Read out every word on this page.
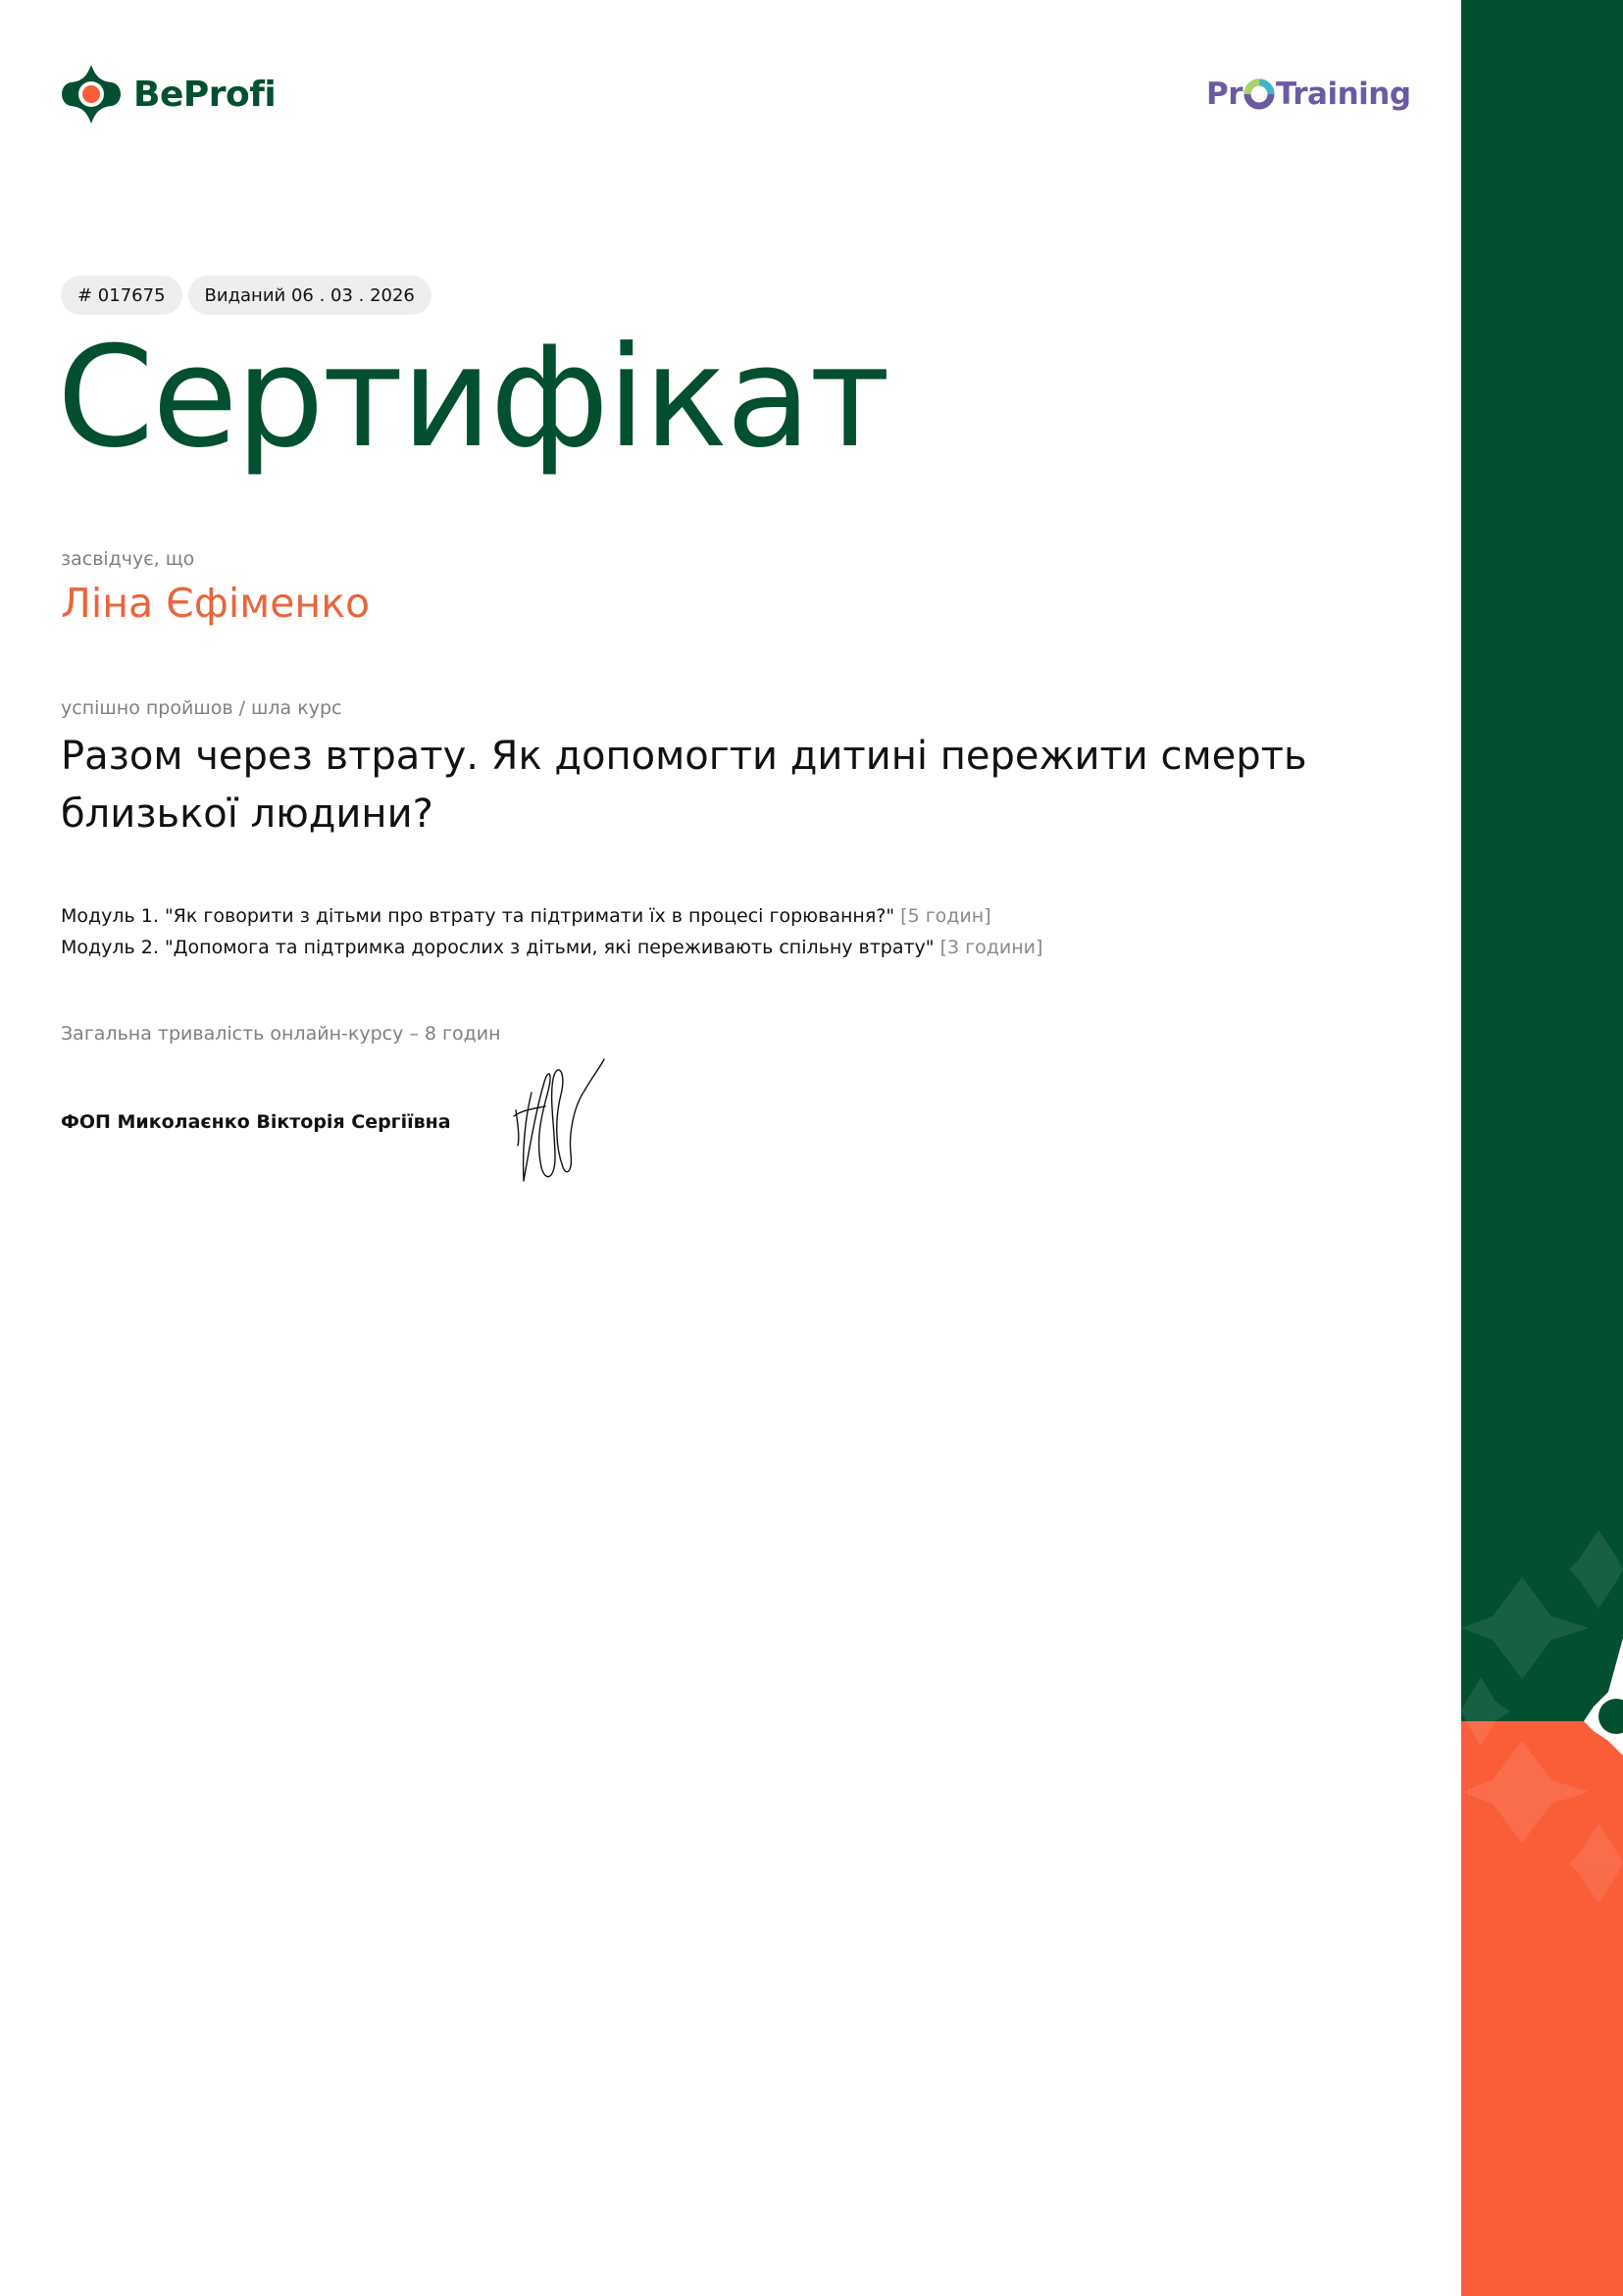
BeProfi	Pr Training
# 017675	Виданий 06 . 03 . 2026
Сертифікат
засвідчує, що
Ліна Єфіменко
успішно пройшов / шла курс
Разом через втрату. Як допомогти дитині пережити смерть близької людини?
Модуль 1. "Як говорити з дітьми про втрату та підтримати їх в процесі горювання?" [5 годин]
Модуль 2. "Допомога та підтримка дорослих з дітьми, які переживають спільну втрату" [3 години]
Загальна тривалість онлайн-курсу – 8 годин
ФОП Миколаєнко Вікторія Сергіївна
